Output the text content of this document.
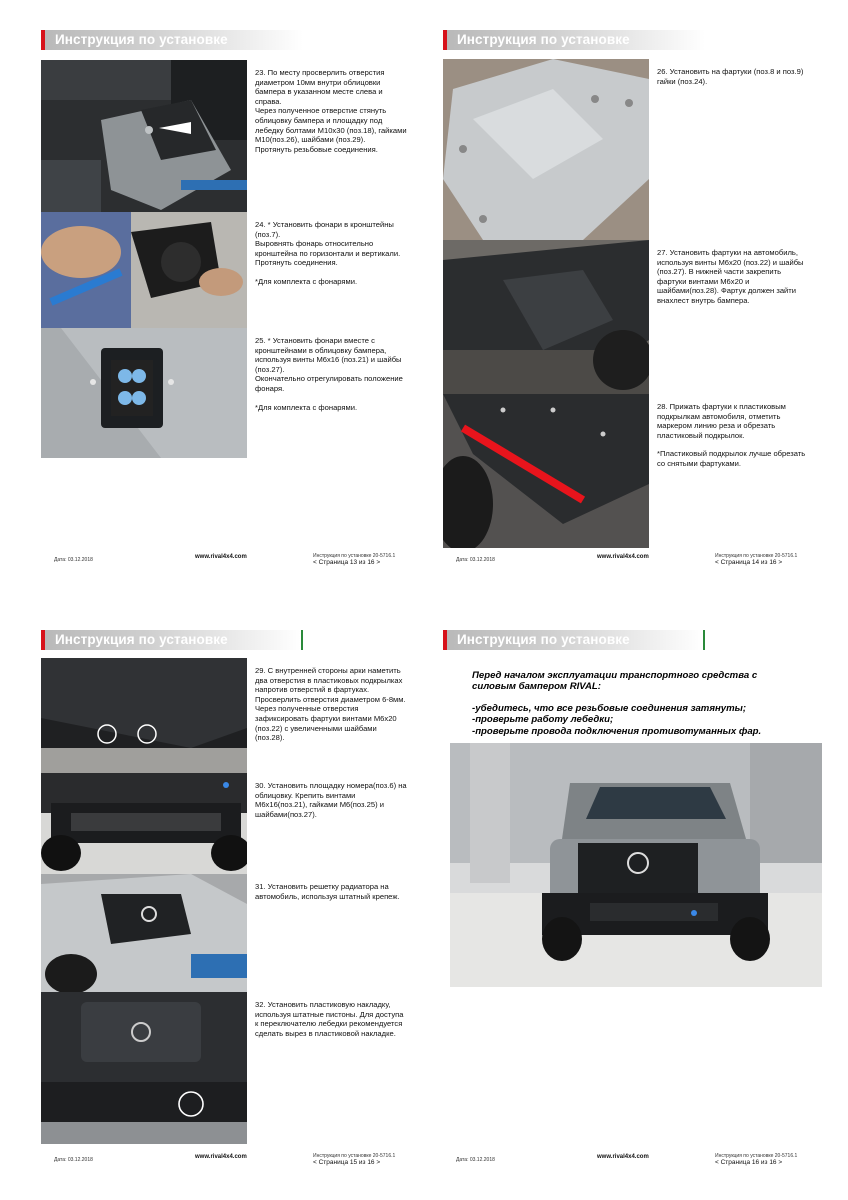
Инструкция по установке

23. По месту просверлить отверстия диаметром 10мм внутри облицовки бампера в указанном месте слева и справа.
Через полученное отверстие стянуть облицовку бампера и площадку под лебедку болтами М10х30 (поз.18), гайками М10(поз.26), шайбами (поз.29).
Протянуть резьбовые соединения.

24. * Установить фонари в кронштейны (поз.7).
Выровнять фонарь относительно кронштейна по горизонтали и вертикали. Протянуть соединения.

*Для комплекта с фонарями.

25. * Установить фонари вместе с кронштейнами в облицовку бампера, используя винты М6х16 (поз.21) и шайбы (поз.27).
Окончательно отрегулировать положение фонаря.

*Для комплекта с фонарями.

Дата: 03.12.2018	www.rival4x4.com	Инструкция по установке 20-5716.1
< Страница 13 из 16 >
Инструкция по установке

26. Установить на фартуки (поз.8 и поз.9) гайки (поз.24).

27. Установить фартуки на автомобиль, используя винты М6х20 (поз.22) и шайбы (поз.27). В нижней части закрепить фартуки винтами М6х20 и шайбами(поз.28). Фартук должен зайти внахлест внутрь бампера.

28. Прижать фартуки к пластиковым подкрылкам автомобиля, отметить маркером линию реза и обрезать пластиковый подкрылок.

*Пластиковый подкрылок лучше обрезать со снятыми фартуками.

Дата: 03.12.2018	www.rival4x4.com	Инструкция по установке 20-5716.1
< Страница 14 из 16 >
Инструкция по установке

29. С внутренней стороны арки наметить два отверстия в пластиковых подкрылках напротив отверстий в фартуках. Просверлить отверстия диаметром 6-8мм.
Через полученные отверстия зафиксировать фартуки винтами М6х20 (поз.22) с увеличенными шайбами (поз.28).

30. Установить площадку номера(поз.6) на облицовку. Крепить винтами М6х16(поз.21), гайками М6(поз.25) и шайбами(поз.27).

31. Установить решетку радиатора на автомобиль, используя штатный крепеж.

32. Установить пластиковую накладку, используя штатные пистоны. Для доступа к переключателю лебедки рекомендуется сделать вырез в пластиковой накладке.

Дата: 03.12.2018	www.rival4x4.com	Инструкция по установке 20-5716.1
< Страница 15 из 16 >
Инструкция по установке

Перед началом эксплуатации транспортного средства с силовым бампером RIVAL:

-убедитесь, что все резьбовые соединения затянуты;

-проверьте работу лебедки;

-проверьте провода подключения противотуманных фар.

Дата: 03.12.2018	www.rival4x4.com	Инструкция по установке 20-5716.1
< Страница 16 из 16 >
